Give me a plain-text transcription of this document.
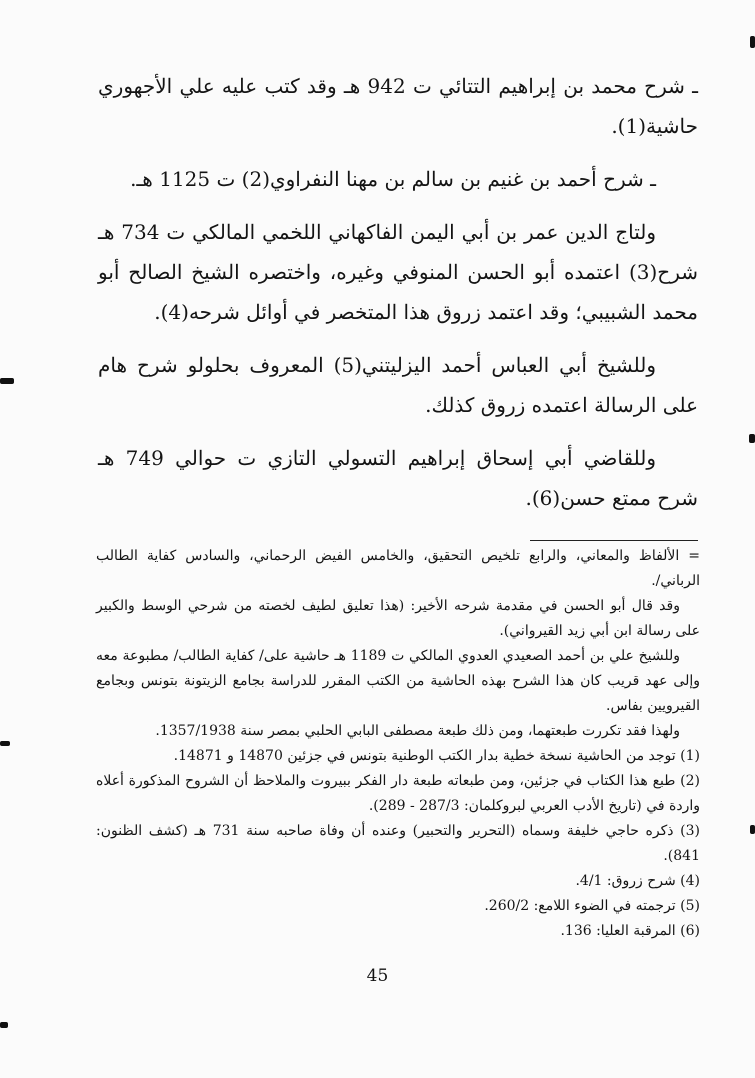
ـ شرح محمد بن إبراهيم التتائي ت 942 هـ وقد كتب عليه علي الأجهوري حاشية(1).

ـ شرح أحمد بن غنيم بن سالم بن مهنا النفراوي(2) ت 1125 هـ.

ولتاج الدين عمر بن أبي اليمن الفاكهاني اللخمي المالكي ت 734 هـ شرح(3) اعتمده أبو الحسن المنوفي وغيره، واختصره الشيخ الصالح أبو محمد الشبيبي؛ وقد اعتمد زروق هذا المتخصر في أوائل شرحه(4).

وللشيخ أبي العباس أحمد اليزليتني(5) المعروف بحلولو شرح هام على الرسالة اعتمده زروق كذلك.

وللقاضي أبي إسحاق إبراهيم التسولي التازي ت حوالي 749 هـ شرح ممتع حسن(6).

= الألفاظ والمعاني، والرابع تلخيص التحقيق، والخامس الفيض الرحماني، والسادس كفاية الطالب الرباني/.

وقد قال أبو الحسن في مقدمة شرحه الأخير: (هذا تعليق لطيف لخصته من شرحي الوسط والكبير على رسالة ابن أبي زيد القيرواني).

وللشيخ علي بن أحمد الصعيدي العدوي المالكي ت 1189 هـ حاشية على/ كفاية الطالب/ مطبوعة معه وإلى عهد قريب كان هذا الشرح بهذه الحاشية من الكتب المقرر للدراسة بجامع الزيتونة بتونس وبجامع القيرويين بفاس.

ولهذا فقد تكررت طبعتهما، ومن ذلك طبعة مصطفى البابي الحلبي بمصر سنة 1357/1938.

(1) توجد من الحاشية نسخة خطية بدار الكتب الوطنية بتونس في جزئين 14870 و 14871.

(2) طبع هذا الكتاب في جزئين، ومن طبعاته طبعة دار الفكر ببيروت والملاحظ أن الشروح المذكورة أعلاه واردة في (تاريخ الأدب العربي لبروكلمان: 287/3 - 289).

(3) ذكره حاجي خليفة وسماه (التحرير والتحبير) وعنده أن وفاة صاحبه سنة 731 هـ (كشف الظنون: 841).

(4) شرح زروق: 4/1.

(5) ترجمته في الضوء اللامع: 260/2.

(6) المرقبة العليا: 136.

45
